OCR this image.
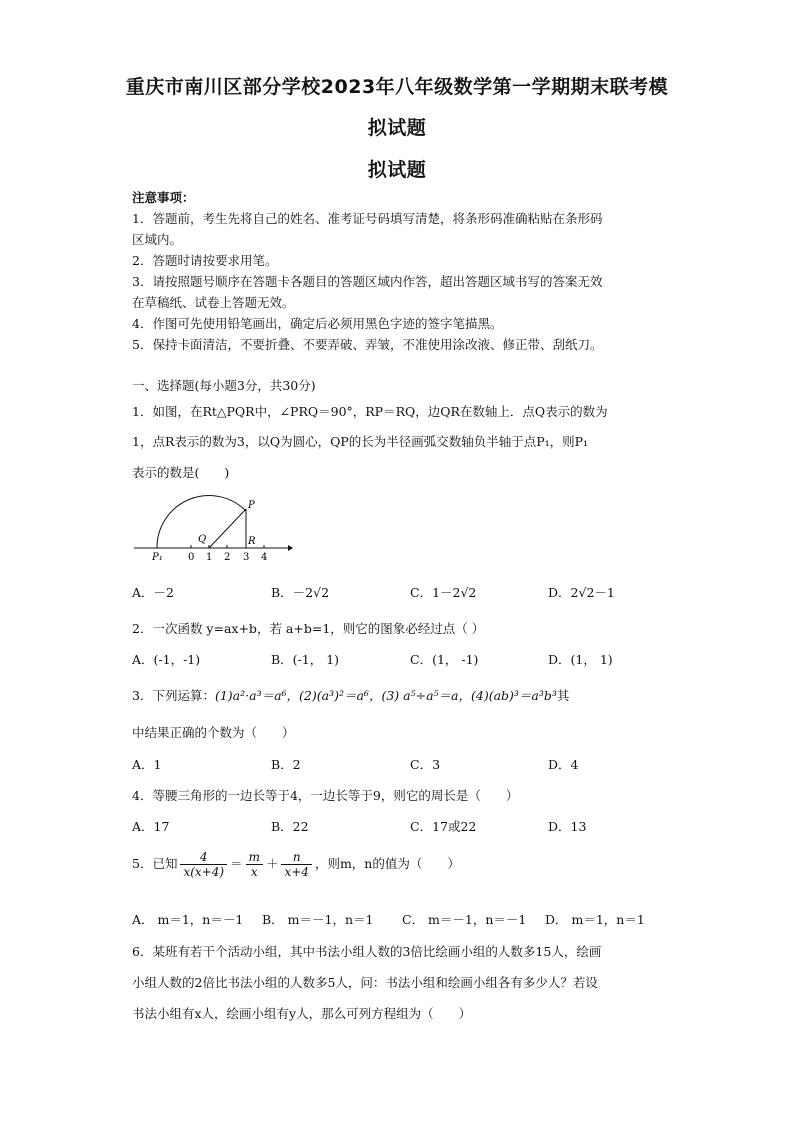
重庆市南川区部分学校2023年八年级数学第一学期期末联考模
拟试题
拟试题
注意事项：
1．答题前，考生先将自己的姓名、准考证号码填写清楚，将条形码准确粘贴在条形码
区域内。
2．答题时请按要求用笔。
3．请按照题号顺序在答题卡各题目的答题区域内作答，超出答题区域书写的答案无效
在草稿纸、试卷上答题无效。
4．作图可先使用铅笔画出，确定后必须用黑色字迹的签字笔描黑。
5．保持卡面清洁，不要折叠、不要弄破、弄皱，不准使用涂改液、修正带、刮纸刀。
一、选择题(每小题3分，共30分)
1．如图，在Rt△PQR中，∠PRQ＝90°，RP＝RQ，边QR在数轴上．点Q表示的数为
1，点R表示的数为3，以Q为圆心，QP的长为半径画弧交数轴负半轴于点P₁，则P₁
表示的数是(　　)
P
Q	R
P₁	0 1 2 3 4
A．－2	B．－2√2	C．1－2√2	D．2√2－1
2．一次函数 y=ax+b，若 a+b=1，则它的图象必经过点（ ）
A．(-1，-1)	B．(-1， 1)	C．(1， -1)	D．(1， 1)
3．下列运算：(1)a²·a³＝a⁶，(2)(a³)²＝a⁶，(3) a⁵÷a⁵＝a，(4)(ab)³＝a³b³其
中结果正确的个数为（　　）
A．1	B．2	C．3	D．4
4．等腰三角形的一边长等于4，一边长等于9，则它的周长是（　　）
A．17	B．22	C．17或22	D．13
5．已知 $\frac{4}{x(x+4)} = \frac{m}{x} + \frac{n}{x+4}$ ，则m，n的值为（　　）
A． m＝1，n＝－1 B． m＝－1，n＝1 C． m＝－1，n＝－1 D． m＝1，n＝1
6．某班有若干个活动小组，其中书法小组人数的3倍比绘画小组的人数多15人，绘画
小组人数的2倍比书法小组的人数多5人，问：书法小组和绘画小组各有多少人？若设
书法小组有x人，绘画小组有y人，那么可列方程组为（　　）
